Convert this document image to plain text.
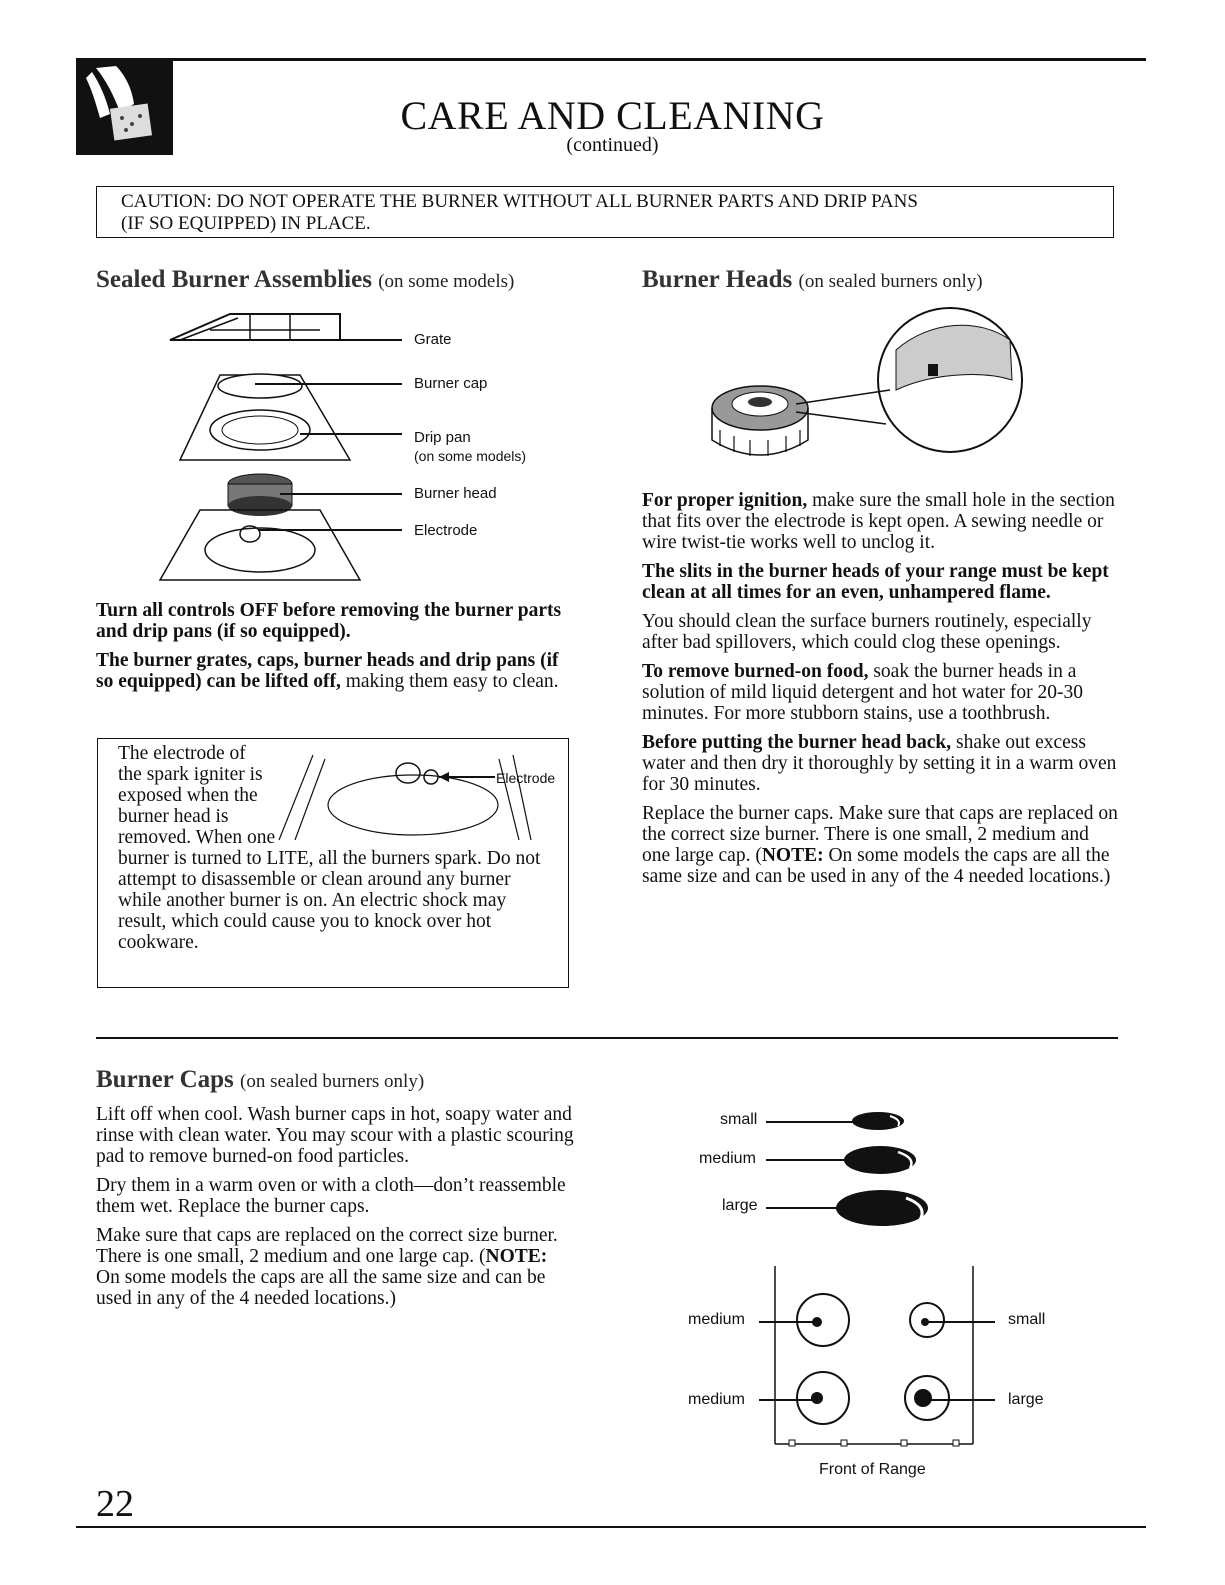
CARE AND CLEANING
(continued)
CAUTION: DO NOT OPERATE THE BURNER WITHOUT ALL BURNER PARTS AND DRIP PANS
(IF SO EQUIPPED) IN PLACE.
Sealed Burner Assemblies (on some models)
Grate
Burner cap
Drip pan
(on some models)
Burner head
Electrode

Turn all controls OFF before removing the burner parts and drip pans (if so equipped).

The burner grates, caps, burner heads and drip pans (if so equipped) can be lifted off, making them easy to clean.

Electrode
The electrode of
the spark igniter is
exposed when the
burner head is
removed. When one
burner is turned to LITE, all the burners spark. Do not attempt to disassemble or clean around any burner while another burner is on. An electric shock may result, which could cause you to knock over hot cookware.
Burner Heads (on sealed burners only)

For proper ignition, make sure the small hole in the section that fits over the electrode is kept open. A sewing needle or wire twist-tie works well to unclog it.

The slits in the burner heads of your range must be kept clean at all times for an even, unhampered flame.

You should clean the surface burners routinely, especially after bad spillovers, which could clog these openings.

To remove burned-on food, soak the burner heads in a solution of mild liquid detergent and hot water for 20-30 minutes. For more stubborn stains, use a toothbrush.

Before putting the burner head back, shake out excess water and then dry it thoroughly by setting it in a warm oven for 30 minutes.

Replace the burner caps. Make sure that caps are replaced on the correct size burner. There is one small, 2 medium and one large cap. (NOTE: On some models the caps are all the same size and can be used in any of the 4 needed locations.)

Burner Caps (on sealed burners only)

Lift off when cool. Wash burner caps in hot, soapy water and rinse with clean water. You may scour with a plastic scouring pad to remove burned-on food particles.

Dry them in a warm oven or with a cloth—don’t reassemble them wet. Replace the burner caps.

Make sure that caps are replaced on the correct size burner. There is one small, 2 medium and one large cap. (NOTE: On some models the caps are all the same size and can be used in any of the 4 needed locations.)

small
medium
large
medium	small
medium	large
Front of Range
22
